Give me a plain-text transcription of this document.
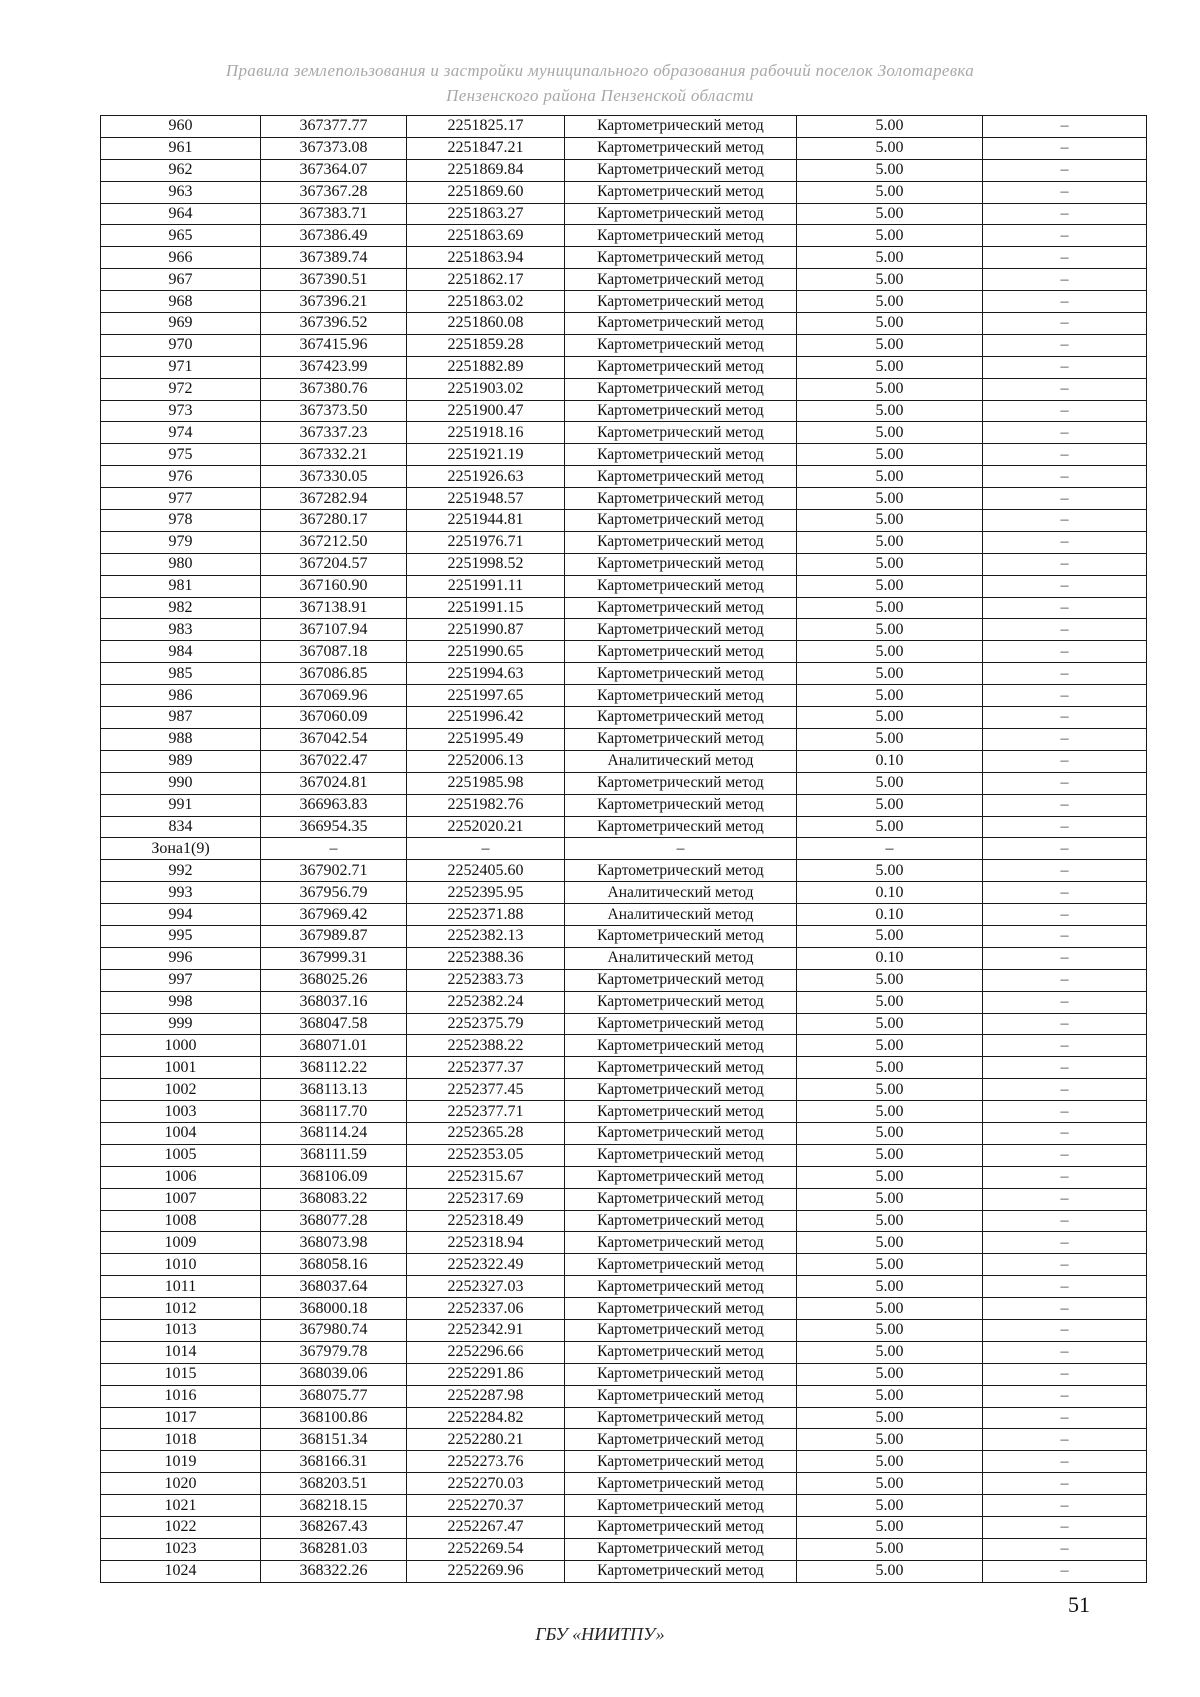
Правила землепользования и застройки муниципального образования рабочий поселок Золотаревка
Пензенского района Пензенской области
960	367377.77	2251825.17	Картометрический метод	5.00	–
961	367373.08	2251847.21	Картометрический метод	5.00	–
962	367364.07	2251869.84	Картометрический метод	5.00	–
963	367367.28	2251869.60	Картометрический метод	5.00	–
964	367383.71	2251863.27	Картометрический метод	5.00	–
965	367386.49	2251863.69	Картометрический метод	5.00	–
966	367389.74	2251863.94	Картометрический метод	5.00	–
967	367390.51	2251862.17	Картометрический метод	5.00	–
968	367396.21	2251863.02	Картометрический метод	5.00	–
969	367396.52	2251860.08	Картометрический метод	5.00	–
970	367415.96	2251859.28	Картометрический метод	5.00	–
971	367423.99	2251882.89	Картометрический метод	5.00	–
972	367380.76	2251903.02	Картометрический метод	5.00	–
973	367373.50	2251900.47	Картометрический метод	5.00	–
974	367337.23	2251918.16	Картометрический метод	5.00	–
975	367332.21	2251921.19	Картометрический метод	5.00	–
976	367330.05	2251926.63	Картометрический метод	5.00	–
977	367282.94	2251948.57	Картометрический метод	5.00	–
978	367280.17	2251944.81	Картометрический метод	5.00	–
979	367212.50	2251976.71	Картометрический метод	5.00	–
980	367204.57	2251998.52	Картометрический метод	5.00	–
981	367160.90	2251991.11	Картометрический метод	5.00	–
982	367138.91	2251991.15	Картометрический метод	5.00	–
983	367107.94	2251990.87	Картометрический метод	5.00	–
984	367087.18	2251990.65	Картометрический метод	5.00	–
985	367086.85	2251994.63	Картометрический метод	5.00	–
986	367069.96	2251997.65	Картометрический метод	5.00	–
987	367060.09	2251996.42	Картометрический метод	5.00	–
988	367042.54	2251995.49	Картометрический метод	5.00	–
989	367022.47	2252006.13	Аналитический метод	0.10	–
990	367024.81	2251985.98	Картометрический метод	5.00	–
991	366963.83	2251982.76	Картометрический метод	5.00	–
834	366954.35	2252020.21	Картометрический метод	5.00	–
Зона1(9)	–	–	–	–	–
992	367902.71	2252405.60	Картометрический метод	5.00	–
993	367956.79	2252395.95	Аналитический метод	0.10	–
994	367969.42	2252371.88	Аналитический метод	0.10	–
995	367989.87	2252382.13	Картометрический метод	5.00	–
996	367999.31	2252388.36	Аналитический метод	0.10	–
997	368025.26	2252383.73	Картометрический метод	5.00	–
998	368037.16	2252382.24	Картометрический метод	5.00	–
999	368047.58	2252375.79	Картометрический метод	5.00	–
1000	368071.01	2252388.22	Картометрический метод	5.00	–
1001	368112.22	2252377.37	Картометрический метод	5.00	–
1002	368113.13	2252377.45	Картометрический метод	5.00	–
1003	368117.70	2252377.71	Картометрический метод	5.00	–
1004	368114.24	2252365.28	Картометрический метод	5.00	–
1005	368111.59	2252353.05	Картометрический метод	5.00	–
1006	368106.09	2252315.67	Картометрический метод	5.00	–
1007	368083.22	2252317.69	Картометрический метод	5.00	–
1008	368077.28	2252318.49	Картометрический метод	5.00	–
1009	368073.98	2252318.94	Картометрический метод	5.00	–
1010	368058.16	2252322.49	Картометрический метод	5.00	–
1011	368037.64	2252327.03	Картометрический метод	5.00	–
1012	368000.18	2252337.06	Картометрический метод	5.00	–
1013	367980.74	2252342.91	Картометрический метод	5.00	–
1014	367979.78	2252296.66	Картометрический метод	5.00	–
1015	368039.06	2252291.86	Картометрический метод	5.00	–
1016	368075.77	2252287.98	Картометрический метод	5.00	–
1017	368100.86	2252284.82	Картометрический метод	5.00	–
1018	368151.34	2252280.21	Картометрический метод	5.00	–
1019	368166.31	2252273.76	Картометрический метод	5.00	–
1020	368203.51	2252270.03	Картометрический метод	5.00	–
1021	368218.15	2252270.37	Картометрический метод	5.00	–
1022	368267.43	2252267.47	Картометрический метод	5.00	–
1023	368281.03	2252269.54	Картометрический метод	5.00	–
1024	368322.26	2252269.96	Картометрический метод	5.00	–
51
ГБУ «НИИТПУ»
